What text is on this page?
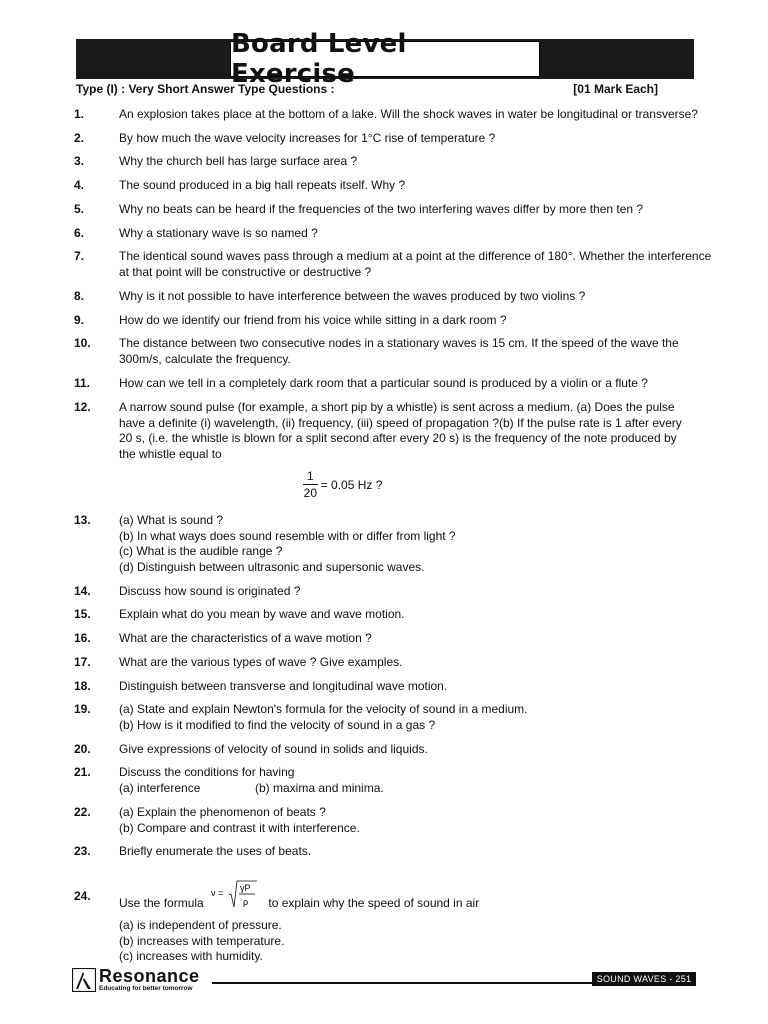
Board Level Exercise
Type (I) : Very Short Answer Type Questions :	[01 Mark Each]
1.	An explosion takes place at the bottom of a lake. Will the shock waves in water be longitudinal or transverse?
2.	By how much the wave velocity increases for 1°C rise of temperature ?
3.	Why the church bell has large surface area ?
4.	The sound produced in a big hall repeats itself. Why ?
5.	Why no beats can be heard if the frequencies of the two interfering waves differ by more then ten ?
6.	Why a stationary wave is so named ?
7.	The identical sound waves pass through a medium at a point at the difference of 180°. Whether the interference
at that point will be constructive or destructive ?
8.	Why is it not possible to have interference between the waves produced by two violins ?
9.	How do we identify our friend from his voice while sitting in a dark room ?
10. The distance between two consecutive nodes in a stationary waves is 15 cm. If the speed of the wave the
300m/s, calculate the frequency.
11. How can we tell in a completely dark room that a particular sound is produced by a violin or a flute ?
12. A narrow sound pulse (for example, a short pip by a whistle) is sent across a medium. (a) Does the pulse
have a definite (i) wavelength, (ii) frequency, (iii) speed of propagation ?(b) If the pulse rate is 1 after every
20 s, (i.e. the whistle is blown for a split second after every 20 s) is the frequency of the note produced by
the whistle equal to
$\frac{1}{20} = 0.05$ Hz ?
13. (a) What is sound ?
(b) In what ways does sound resemble with or differ from light ?
(c) What is the audible range ?
(d) Distinguish between ultrasonic and supersonic waves.
14. Discuss how sound is originated ?
15. Explain what do you mean by wave and wave motion.
16. What are the characteristics of a wave motion ?
17. What are the various types of wave ? Give examples.
18. Distinguish between transverse and longitudinal wave motion.
19. (a) State and explain Newton's formula for the velocity of sound in a medium.
(b) How is it modified to find the velocity of sound in a gas ?
20. Give expressions of velocity of sound in solids and liquids.
21. Discuss the conditions for having
(a) interference	(b) maxima and minima.
22. (a) Explain the phenomenon of beats ?
(b) Compare and contrast it with interference.
23. Briefly enumerate the uses of beats.
24.
Use the formula
ν = γP
ρ to explain why the speed of sound in air
(a) is independent of pressure.
(b) increases with temperature.
(c) increases with humidity.
Resonance
Educating for better tomorrow
SOUND WAVES - 251
